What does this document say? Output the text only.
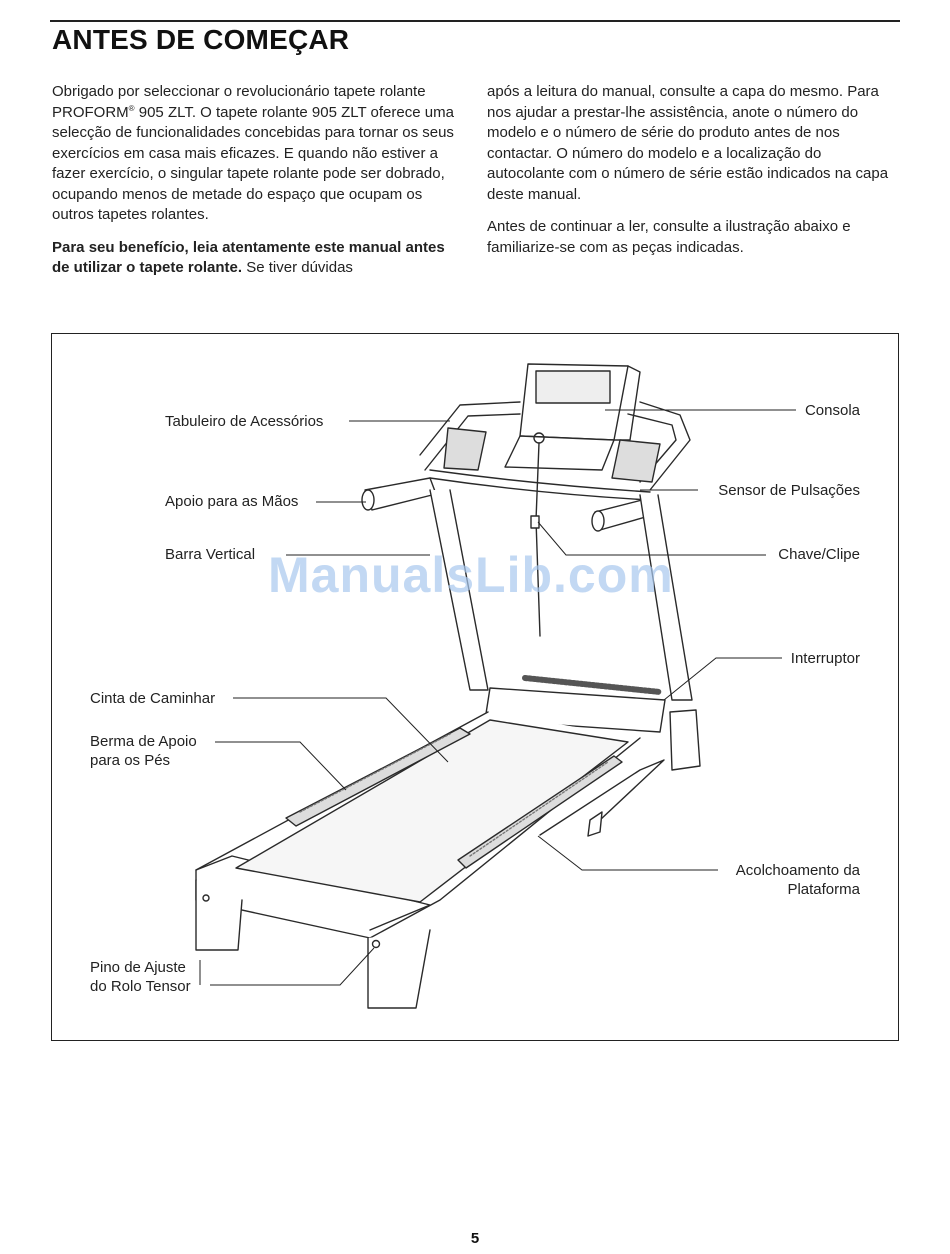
ANTES DE COMEÇAR

Obrigado por seleccionar o revolucionário tapete rolante PROFORM® 905 ZLT. O tapete rolante 905 ZLT oferece uma selecção de funcionalidades concebidas para tornar os seus exercícios em casa mais eficazes. E quando não estiver a fazer exercício, o singular tapete rolante pode ser dobrado, ocupando menos de metade do espaço que ocupam os outros tapetes rolantes.

Para seu benefício, leia atentamente este manual antes de utilizar o tapete rolante. Se tiver dúvidas

após a leitura do manual, consulte a capa do mesmo. Para nos ajudar a prestar-lhe assistência, anote o número do modelo e o número de série do produto antes de nos contactar. O número do modelo e a localização do autocolante com o número de série estão indicados na capa deste manual.

Antes de continuar a ler, consulte a ilustração abaixo e familiarize-se com as peças indicadas.

ManualsLib.com
Tabuleiro de Acessórios
Consola
Apoio para as Mãos
Sensor de Pulsações
Barra Vertical	Chave/Clipe
Interruptor
Cinta de Caminhar
Berma de Apoio
para os Pés
Acolchoamento da
Plataforma
Pino de Ajuste
do Rolo Tensor
5
